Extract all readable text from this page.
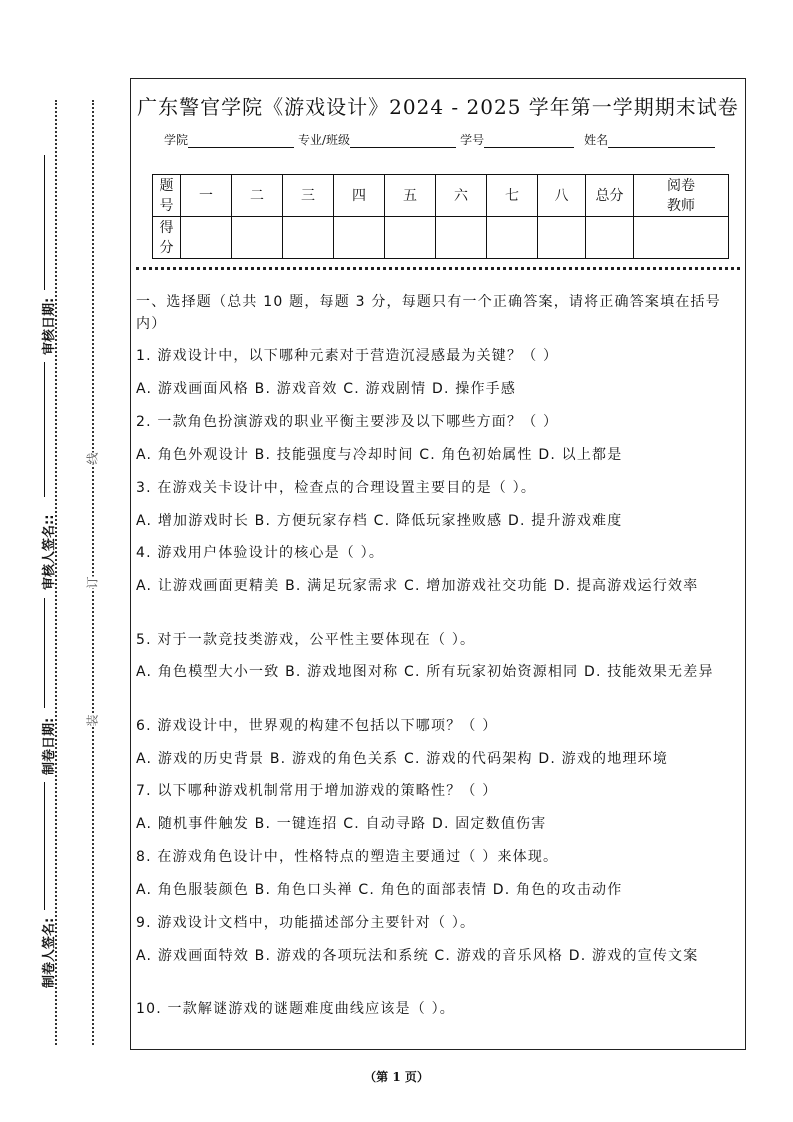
装
订
线
制卷人签名:
制卷日期:
审核人签名::
审核日期:
广东警官学院《游戏设计》2024 - 2025 学年第一学期期末试卷
学院	专业/班级	学号	姓名
题号	一	二	三	四	五	六	七	八	总分	阅卷教师
得分										
一、选择题（总共 10 题，每题 3 分，每题只有一个正确答案，请将正确答案填在括号内）
1. 游戏设计中，以下哪种元素对于营造沉浸感最为关键？（ ）
A. 游戏画面风格 B. 游戏音效 C. 游戏剧情 D. 操作手感
2. 一款角色扮演游戏的职业平衡主要涉及以下哪些方面？（ ）
A. 角色外观设计 B. 技能强度与冷却时间 C. 角色初始属性 D. 以上都是
3. 在游戏关卡设计中，检查点的合理设置主要目的是（ ）。
A. 增加游戏时长 B. 方便玩家存档 C. 降低玩家挫败感 D. 提升游戏难度
4. 游戏用户体验设计的核心是（ ）。
A. 让游戏画面更精美 B. 满足玩家需求 C. 增加游戏社交功能 D. 提高游戏运行效率
5. 对于一款竞技类游戏，公平性主要体现在（ ）。
A. 角色模型大小一致 B. 游戏地图对称 C. 所有玩家初始资源相同 D. 技能效果无差异
6. 游戏设计中，世界观的构建不包括以下哪项？（ ）
A. 游戏的历史背景 B. 游戏的角色关系 C. 游戏的代码架构 D. 游戏的地理环境
7. 以下哪种游戏机制常用于增加游戏的策略性？（ ）
A. 随机事件触发 B. 一键连招 C. 自动寻路 D. 固定数值伤害
8. 在游戏角色设计中，性格特点的塑造主要通过（ ）来体现。
A. 角色服装颜色 B. 角色口头禅 C. 角色的面部表情 D. 角色的攻击动作
9. 游戏设计文档中，功能描述部分主要针对（ ）。
A. 游戏画面特效 B. 游戏的各项玩法和系统 C. 游戏的音乐风格 D. 游戏的宣传文案
10. 一款解谜游戏的谜题难度曲线应该是（ ）。
（第 1 页）
